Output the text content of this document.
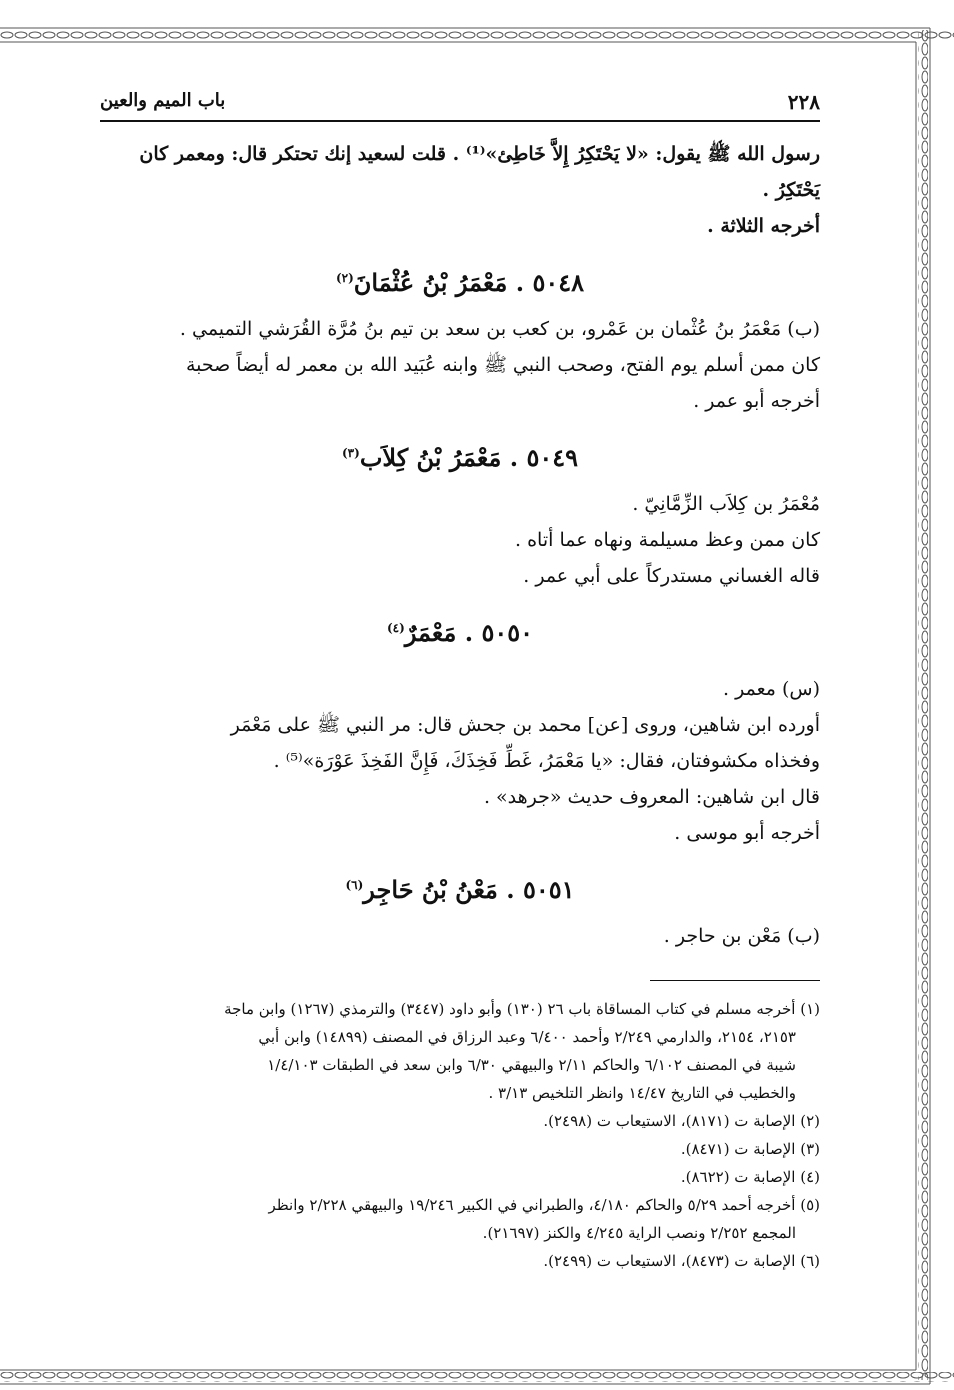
٢٢٨
باب الميم والعين

رسول الله ﷺ يقول: «لا يَحْتَكِرُ إِلاَّ خَاطِئ»⁽¹⁾ . قلت لسعيد إنك تحتكر قال: ومعمر كان

يَحْتَكِرُ .

أخرجه الثلاثة .

٥٠٤٨ . مَعْمَرُ بْنُ عُثْمَانَ$^{(٢)}$

(ب) مَعْمَرُ بنُ عُثْمان بن عَمْرو، بن كعب بن سعد بن تيم بنُ مُرَّة القُرَشي التميمي .

كان ممن أسلم يوم الفتح، وصحب النبي ﷺ وابنه عُبَيد الله بن معمر له أيضاً صحبة

أخرجه أبو عمر .

٥٠٤٩ . مَعْمَرُ بْنُ كِلاَب$^{(٣)}$

مُعْمَرُ بن كِلاَب الزِّمَّانِيّ .

كان ممن وعظ مسيلمة ونهاه عما أتاه .

قاله الغساني مستدركاً على أبي عمر .

٥٠٥٠ . مَعْمَرٌ$^{(٤)}$

(س) معمر .

أورده ابن شاهين، وروى [عن] محمد بن جحش قال: مر النبي ﷺ على مَعْمَر

وفخذاه مكشوفتان، فقال: «يا مَعْمَرُ، غَطِّ فَخِذَكَ، فَإِنَّ الفَخِذَ عَوْرَة»⁽⁵⁾ .

قال ابن شاهين: المعروف حديث «جرهد» .

أخرجه أبو موسى .

٥٠٥١ . مَعْنُ بْنُ حَاجِر$^{(٦)}$

(ب) مَعْن بن حاجر .

(١) أخرجه مسلم في كتاب المساقاة باب ٢٦ (١٣٠) وأبو داود (٣٤٤٧) والترمذي (١٢٦٧) وابن ماجة

٢١٥٣، ٢١٥٤، والدارمي ٢/٢٤٩ وأحمد ٦/٤٠٠ وعبد الرزاق في المصنف (١٤٨٩٩) وابن أبي

شيبة في المصنف ٦/١٠٢ والحاكم ٢/١١ والبيهقي ٦/٣٠ وابن سعد في الطبقات ١/٤/١٠٣

والخطيب في التاريخ ١٤/٤٧ وانظر التلخيص ٣/١٣ .

(٢) الإصابة ت (٨١٧١)، الاستيعاب ت (٢٤٩٨).

(٣) الإصابة ت (٨٤٧١).

(٤) الإصابة ت (٨٦٢٢).

(٥) أخرجه أحمد ٥/٢٩ والحاكم ٤/١٨٠، والطبراني في الكبير ١٩/٢٤٦ والبيهقي ٢/٢٢٨ وانظر

المجمع ٢/٢٥٢ ونصب الراية ٤/٢٤٥ والكنز (٢١٦٩٧).

(٦) الإصابة ت (٨٤٧٣)، الاستيعاب ت (٢٤٩٩).
